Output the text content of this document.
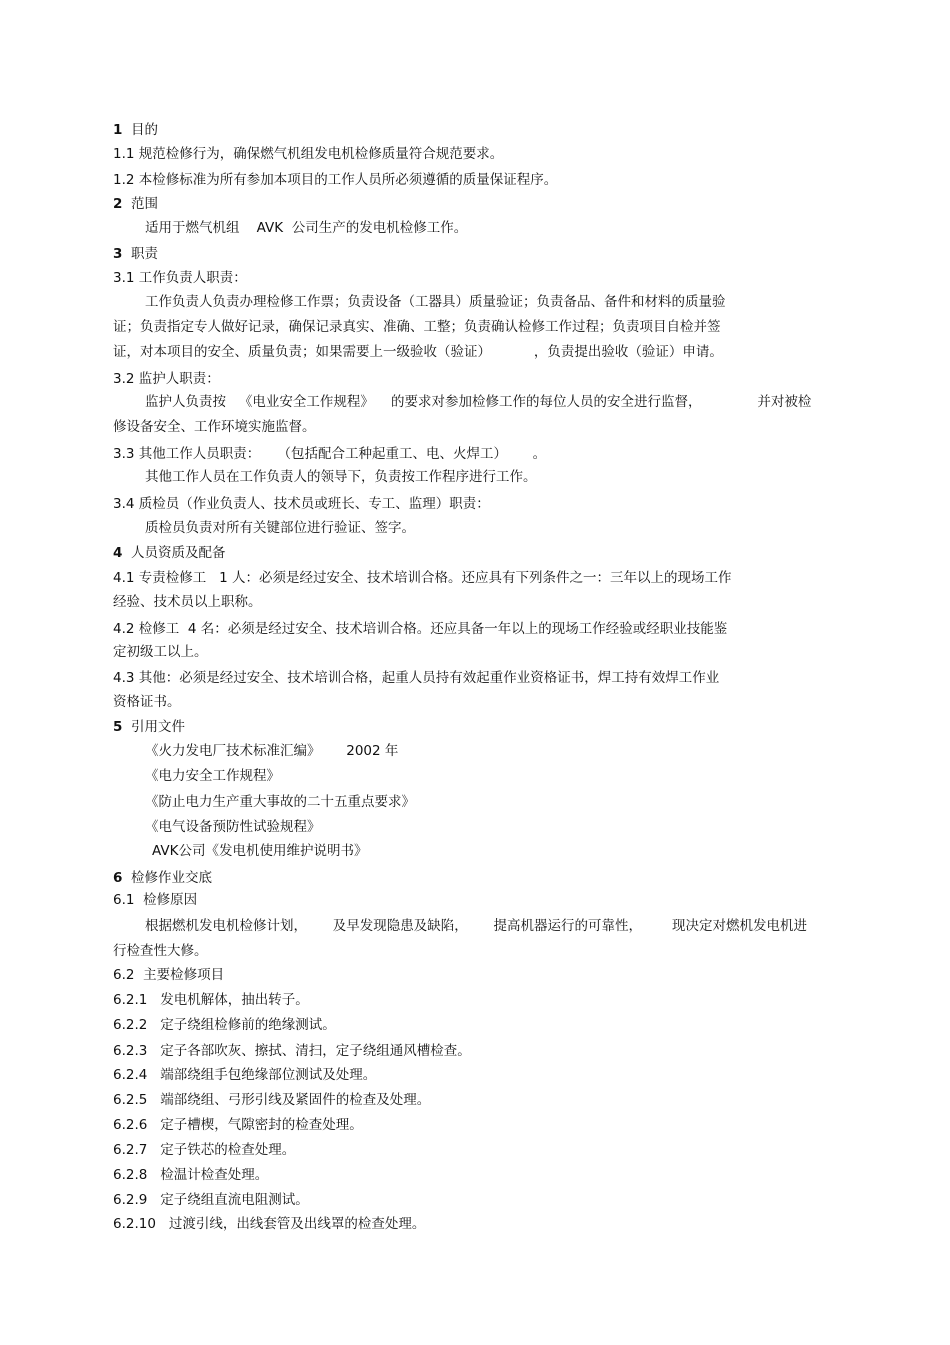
1  目的
1.1 规范检修行为，确保燃气机组发电机检修质量符合规范要求。
1.2 本检修标准为所有参加本项目的工作人员所必须遵循的质量保证程序。
2  范围
适用于燃气机组    AVK  公司生产的发电机检修工作。
3  职责
3.1 工作负责人职责：
工作负责人负责办理检修工作票；负责设备（工器具）质量验证；负责备品、备件和材料的质量验
证；负责指定专人做好记录，确保记录真实、准确、工整；负责确认检修工作过程；负责项目自检并签
证，对本项目的安全、质量负责；如果需要上一级验收（验证）          ，负责提出验收（验证）申请。
3.2 监护人职责：
监护人负责按   《电业安全工作规程》    的要求对参加检修工作的每位人员的安全进行监督，             并对被检
修设备安全、工作环境实施监督。
3.3 其他工作人员职责：    （包括配合工种起重工、电、火焊工）      。
其他工作人员在工作负责人的领导下，负责按工作程序进行工作。
3.4 质检员（作业负责人、技术员或班长、专工、监理）职责：
质检员负责对所有关键部位进行验证、签字。
4  人员资质及配备
4.1 专责检修工   1 人：必须是经过安全、技术培训合格。还应具有下列条件之一：三年以上的现场工作
经验、技术员以上职称。
4.2 检修工  4 名：必须是经过安全、技术培训合格。还应具备一年以上的现场工作经验或经职业技能鉴
定初级工以上。
4.3 其他：必须是经过安全、技术培训合格，起重人员持有效起重作业资格证书，焊工持有效焊工作业
资格证书。
5  引用文件
《火力发电厂技术标准汇编》      2002 年
《电力安全工作规程》
《防止电力生产重大事故的二十五重点要求》
《电气设备预防性试验规程》
AVK公司《发电机使用维护说明书》
6  检修作业交底
6.1  检修原因
根据燃机发电机检修计划，      及早发现隐患及缺陷，      提高机器运行的可靠性，       现决定对燃机发电机进
行检查性大修。
6.2  主要检修项目
6.2.1   发电机解体，抽出转子。
6.2.2   定子绕组检修前的绝缘测试。
6.2.3   定子各部吹灰、擦拭、清扫，定子绕组通风槽检查。
6.2.4   端部绕组手包绝缘部位测试及处理。
6.2.5   端部绕组、弓形引线及紧固件的检查及处理。
6.2.6   定子槽楔，气隙密封的检查处理。
6.2.7   定子铁芯的检查处理。
6.2.8   检温计检查处理。
6.2.9   定子绕组直流电阻测试。
6.2.10   过渡引线，出线套管及出线罩的检查处理。
